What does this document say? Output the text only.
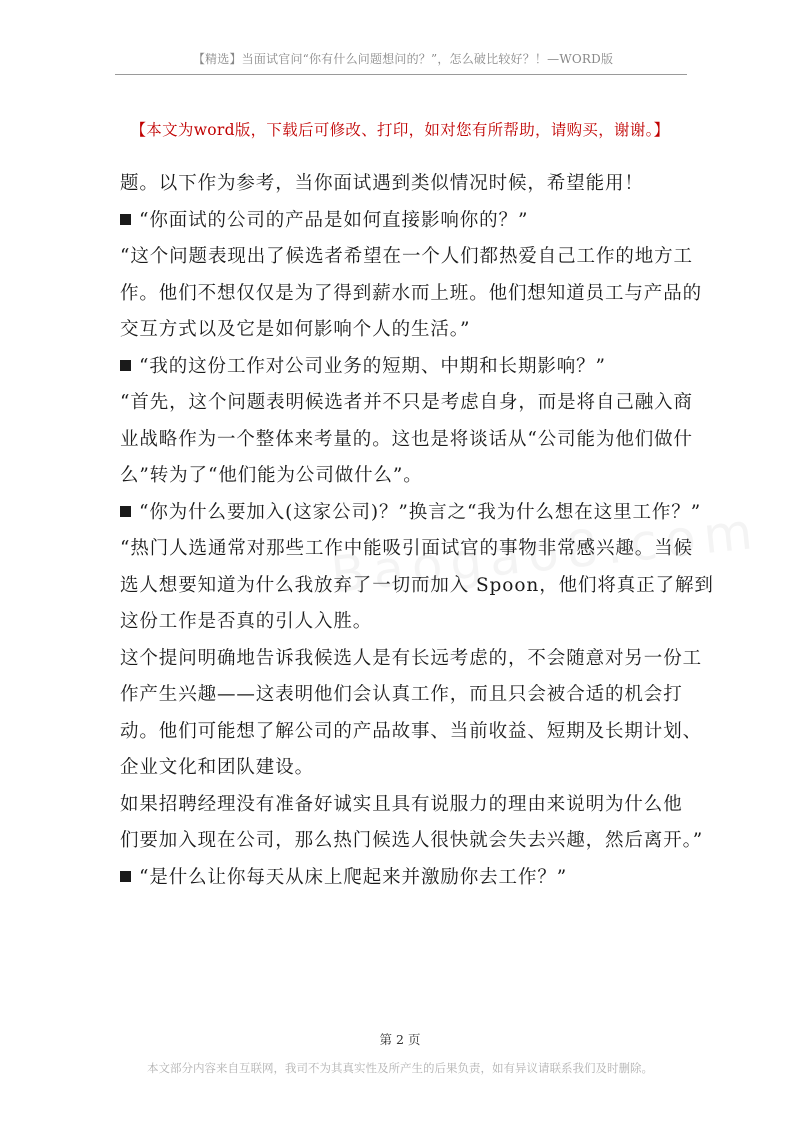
【精选】当面试官问“你有什么问题想问的？”，怎么破比较好？！—WORD版
【本文为word版，下载后可修改、打印，如对您有所帮助，请购买，谢谢。】
题。以下作为参考，当你面试遇到类似情况时候，希望能用！
“你面试的公司的产品是如何直接影响你的？”
“这个问题表现出了候选者希望在一个人们都热爱自己工作的地方工
作。他们不想仅仅是为了得到薪水而上班。他们想知道员工与产品的
交互方式以及它是如何影响个人的生活。”
“我的这份工作对公司业务的短期、中期和长期影响？”
“首先，这个问题表明候选者并不只是考虑自身，而是将自己融入商
业战略作为一个整体来考量的。这也是将谈话从“公司能为他们做什
么”转为了“他们能为公司做什么”。
“你为什么要加入(这家公司)？”换言之“我为什么想在这里工作？”
“热门人选通常对那些工作中能吸引面试官的事物非常感兴趣。当候
选人想要知道为什么我放弃了一切而加入 Spoon，他们将真正了解到
这份工作是否真的引人入胜。
这个提问明确地告诉我候选人是有长远考虑的，不会随意对另一份工
作产生兴趣——这表明他们会认真工作，而且只会被合适的机会打
动。他们可能想了解公司的产品故事、当前收益、短期及长期计划、
企业文化和团队建设。
如果招聘经理没有准备好诚实且具有说服力的理由来说明为什么他
们要加入现在公司，那么热门候选人很快就会失去兴趣，然后离开。”
“是什么让你每天从床上爬起来并激励你去工作？”
第 2 页
本文部分内容来自互联网，我司不为其真实性及所产生的后果负责，如有异议请联系我们及时删除。
